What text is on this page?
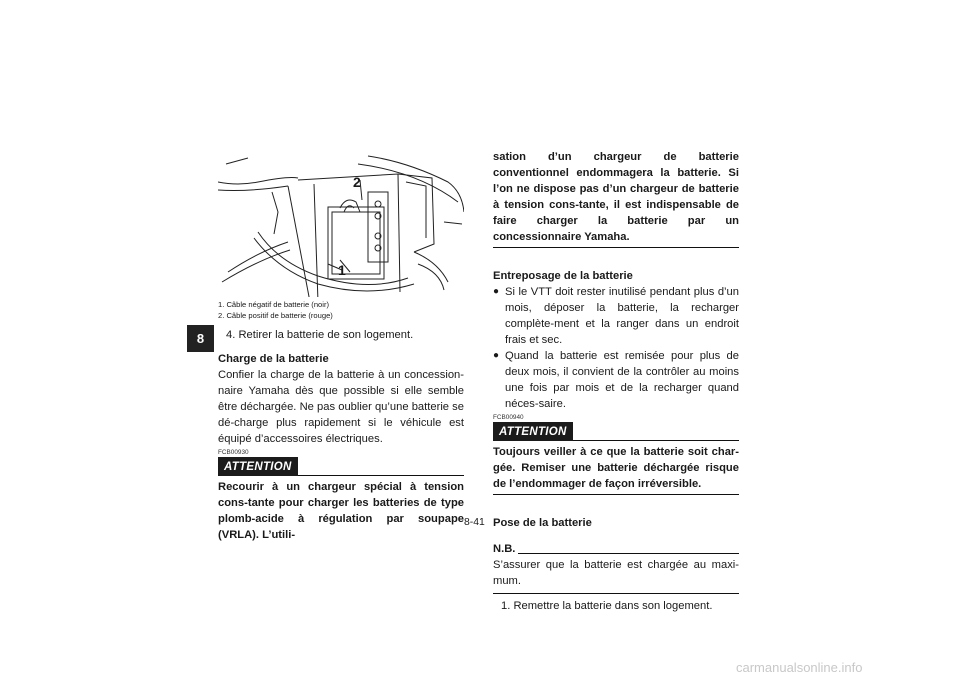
8
2
1
1. Câble négatif de batterie (noir)
2. Câble positif de batterie (rouge)
4. Retirer la batterie de son logement.
Charge de la batterie
Confier la charge de la batterie à un concession-naire Yamaha dès que possible si elle semble être déchargée. Ne pas oublier qu’une batterie se dé-charge plus rapidement si le véhicule est équipé d’accessoires électriques.
FCB00930
ATTENTION
Recourir à un chargeur spécial à tension cons-tante pour charger les batteries de type plomb-acide à régulation par soupape (VRLA). L’utili-
sation d’un chargeur de batterie conventionnel endommagera la batterie. Si l’on ne dispose pas d’un chargeur de batterie à tension cons-tante, il est indispensable de faire charger la batterie par un concessionnaire Yamaha.
Entreposage de la batterie
● Si le VTT doit rester inutilisé pendant plus d’un mois, déposer la batterie, la recharger complète-ment et la ranger dans un endroit frais et sec.
● Quand la batterie est remisée pour plus de deux mois, il convient de la contrôler au moins une fois par mois et de la recharger quand néces-saire.
FCB00940
ATTENTION
Toujours veiller à ce que la batterie soit char-gée. Remiser une batterie déchargée risque de l’endommager de façon irréversible.
Pose de la batterie
N.B.
S’assurer que la batterie est chargée au maxi-mum.
1. Remettre la batterie dans son logement.
8-41
carmanualsonline.info
